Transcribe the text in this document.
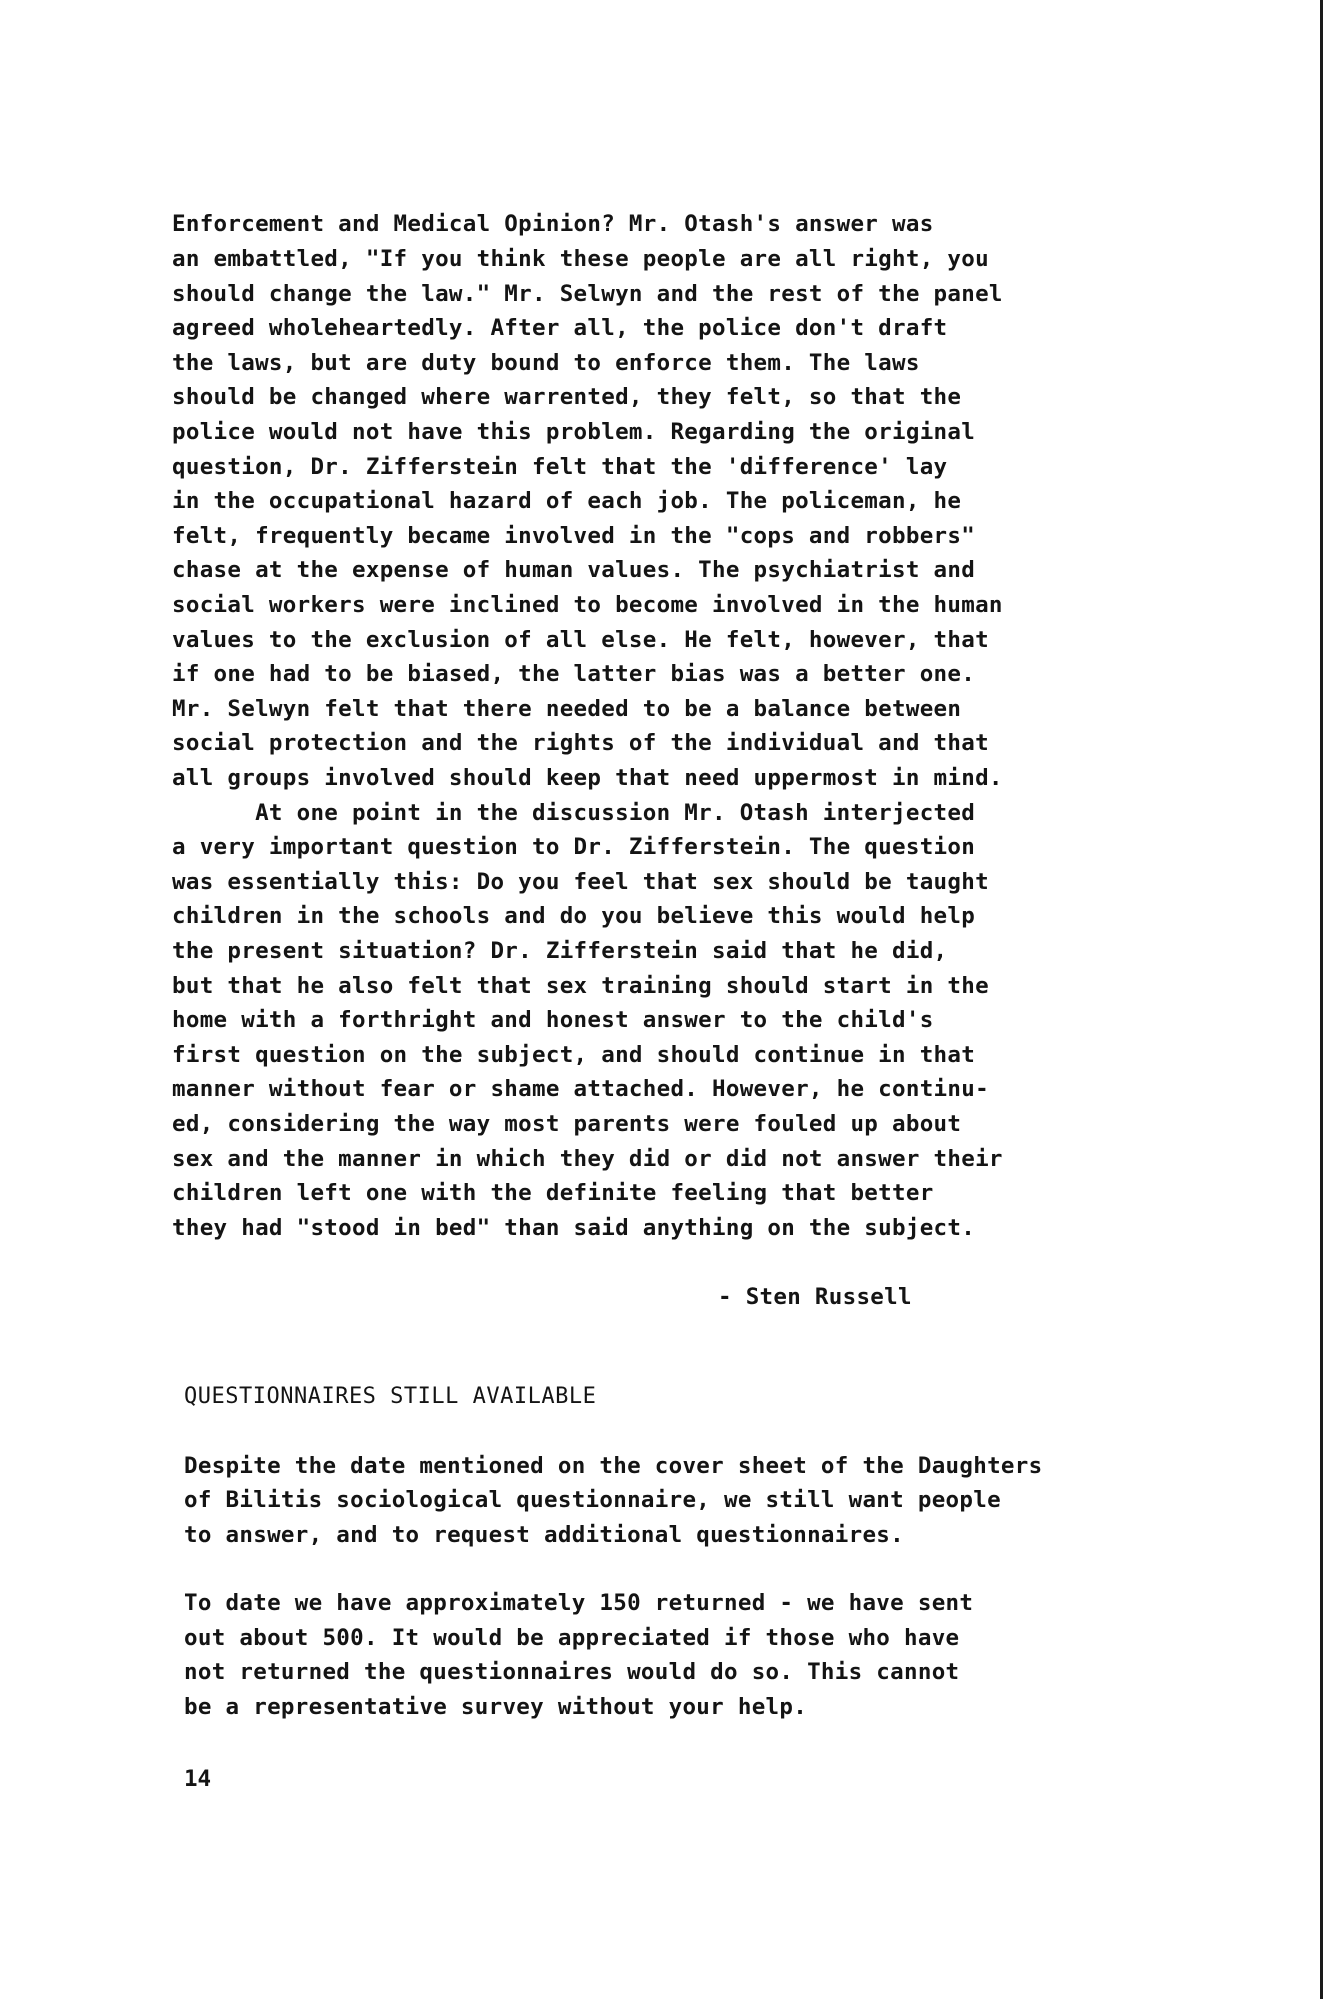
Enforcement and Medical Opinion? Mr. Otash's answer was
an embattled, "If you think these people are all right, you
should change the law." Mr. Selwyn and the rest of the panel
agreed wholeheartedly. After all, the police don't draft
the laws, but are duty bound to enforce them. The laws
should be changed where warrented, they felt, so that the
police would not have this problem. Regarding the original
question, Dr. Zifferstein felt that the 'difference' lay
in the occupational hazard of each job. The policeman, he
felt, frequently became involved in the "cops and robbers"
chase at the expense of human values. The psychiatrist and
social workers were inclined to become involved in the human
values to the exclusion of all else. He felt, however, that
if one had to be biased, the latter bias was a better one.
Mr. Selwyn felt that there needed to be a balance between
social protection and the rights of the individual and that
all groups involved should keep that need uppermost in mind.
At one point in the discussion Mr. Otash interjected
a very important question to Dr. Zifferstein. The question
was essentially this: Do you feel that sex should be taught
children in the schools and do you believe this would help
the present situation? Dr. Zifferstein said that he did,
but that he also felt that sex training should start in the
home with a forthright and honest answer to the child's
first question on the subject, and should continue in that
manner without fear or shame attached. However, he continu-
ed, considering the way most parents were fouled up about
sex and the manner in which they did or did not answer their
children left one with the definite feeling that better
they had "stood in bed" than said anything on the subject.
- Sten Russell
QUESTIONNAIRES STILL AVAILABLE
Despite the date mentioned on the cover sheet of the Daughters
of Bilitis sociological questionnaire, we still want people
to answer, and to request additional questionnaires.
To date we have approximately 150 returned - we have sent
out about 500. It would be appreciated if those who have
not returned the questionnaires would do so. This cannot
be a representative survey without your help.
14
